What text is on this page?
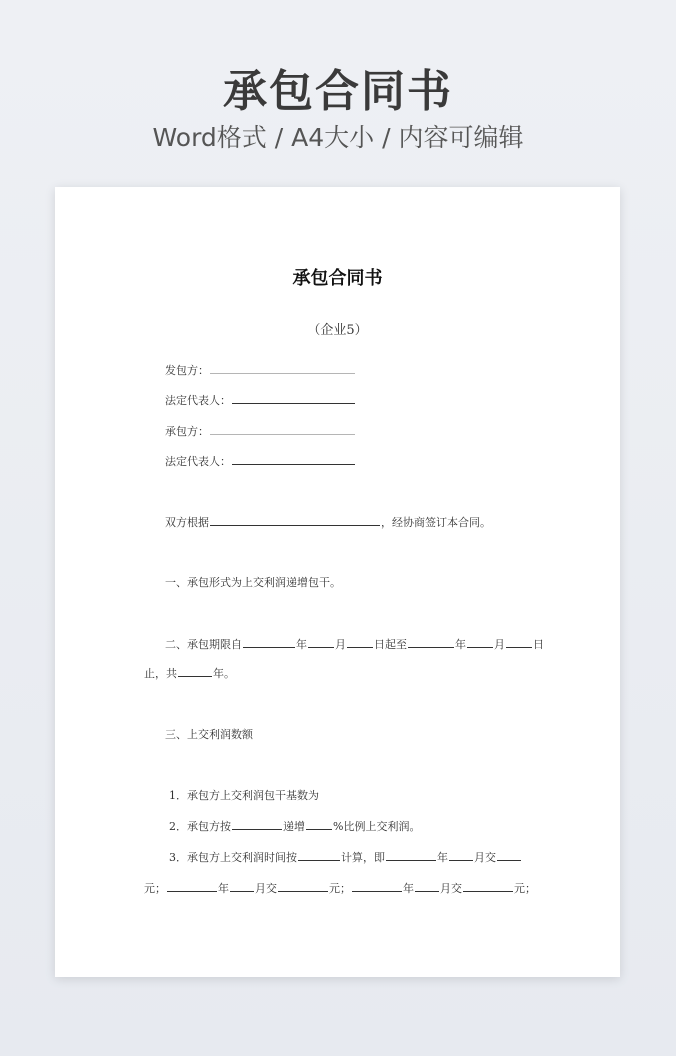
承包合同书
Word格式 / A4大小 / 内容可编辑
承包合同书
（企业5）
发包方：
法定代表人：
承包方：
法定代表人：
双方根据	，经协商签订本合同。
一、承包形式为上交利润递增包干。
二、承包期限自	年	月	日起至	年	月	日
止，共	年。
三、上交利润数额
1．承包方上交利润包干基数为
2．承包方按	递增	%比例上交利润。
3．承包方上交利润时间按	计算，即	年 月交
元；	年 月交	元；	年 月交	元；
